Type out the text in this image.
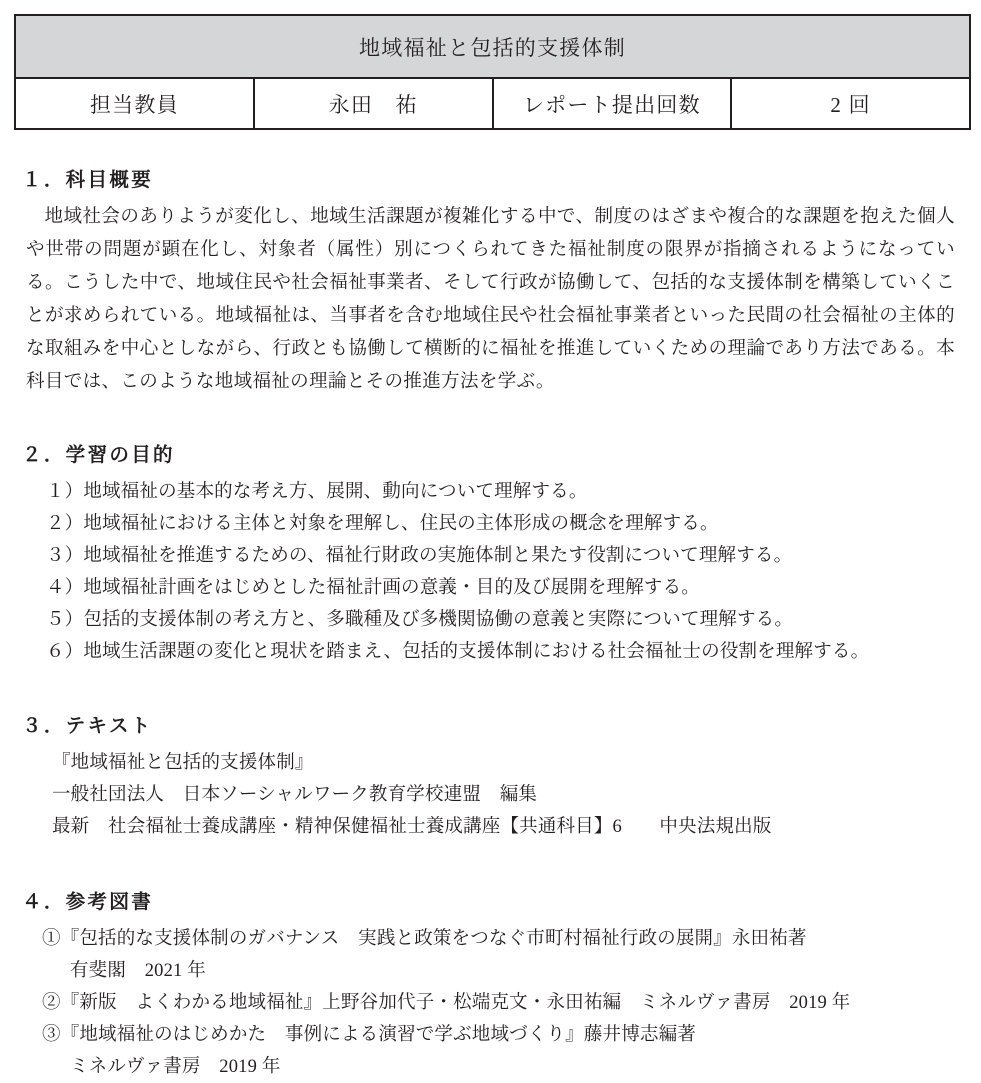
地域福祉と包括的支援体制
担当教員	永田　祐	レポート提出回数	2 回
１．科目概要

地域社会のありようが変化し、地域生活課題が複雑化する中で、制度のはざまや複合的な課題を抱えた個人や世帯の問題が顕在化し、対象者（属性）別につくられてきた福祉制度の限界が指摘されるようになっている。こうした中で、地域住民や社会福祉事業者、そして行政が協働して、包括的な支援体制を構築していくことが求められている。地域福祉は、当事者を含む地域住民や社会福祉事業者といった民間の社会福祉の主体的な取組みを中心としながら、行政とも協働して横断的に福祉を推進していくための理論であり方法である。本科目では、このような地域福祉の理論とその推進方法を学ぶ。

２．学習の目的
１）地域福祉の基本的な考え方、展開、動向について理解する。
２）地域福祉における主体と対象を理解し、住民の主体形成の概念を理解する。
３）地域福祉を推進するための、福祉行財政の実施体制と果たす役割について理解する。
４）地域福祉計画をはじめとした福祉計画の意義・目的及び展開を理解する。
５）包括的支援体制の考え方と、多職種及び多機関協働の意義と実際について理解する。
６）地域生活課題の変化と現状を踏まえ、包括的支援体制における社会福祉士の役割を理解する。
３．テキスト
『地域福祉と包括的支援体制』
一般社団法人　日本ソーシャルワーク教育学校連盟　編集
最新　社会福祉士養成講座・精神保健福祉士養成講座【共通科目】6　　中央法規出版
４．参考図書
①『包括的な支援体制のガバナンス　実践と政策をつなぐ市町村福祉行政の展開』永田祐著
有斐閣　2021 年
②『新版　よくわかる地域福祉』上野谷加代子・松端克文・永田祐編　ミネルヴァ書房　2019 年
③『地域福祉のはじめかた　事例による演習で学ぶ地域づくり』藤井博志編著
ミネルヴァ書房　2019 年
